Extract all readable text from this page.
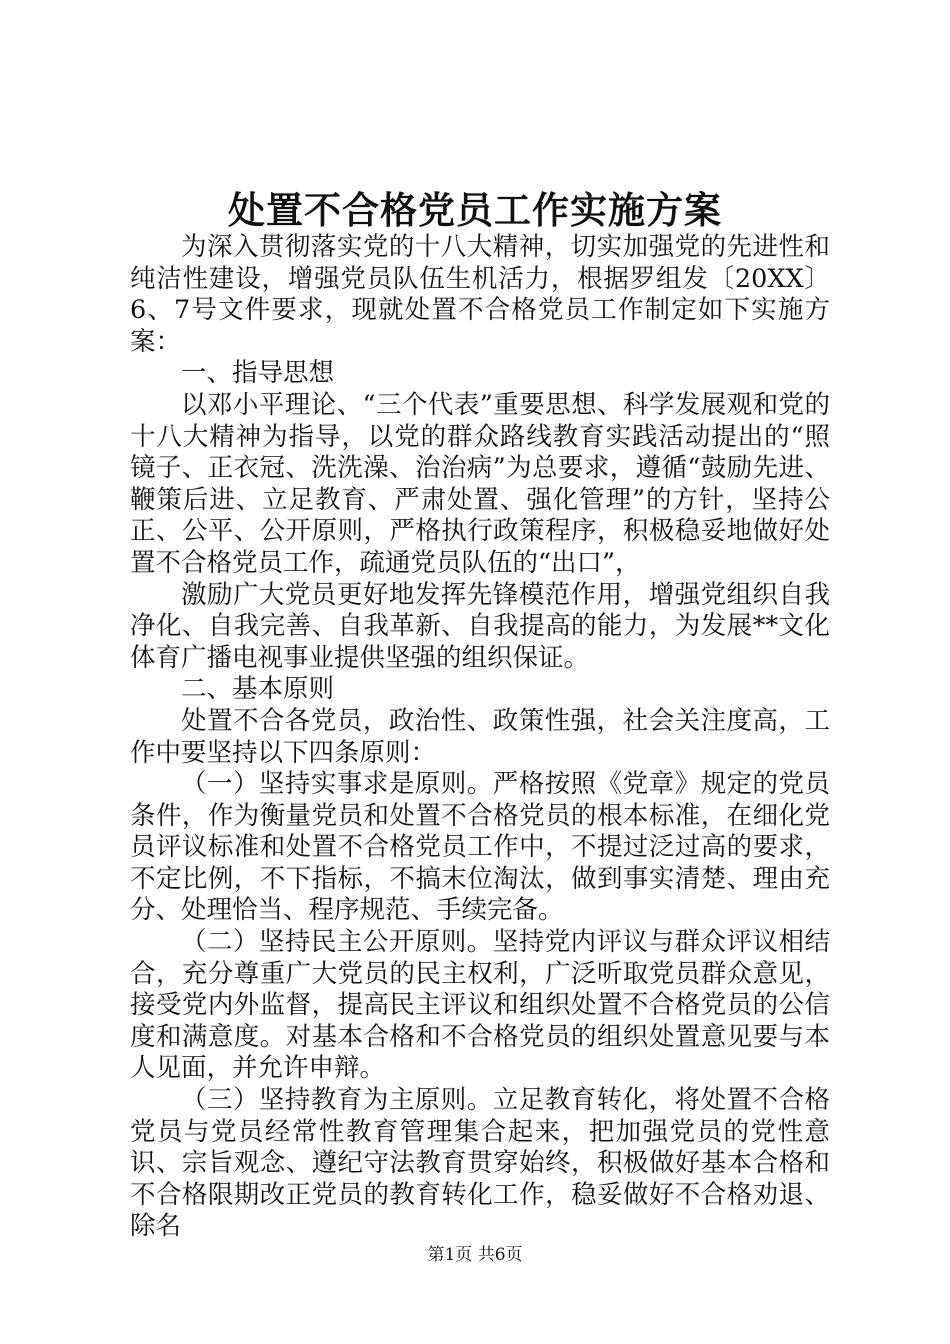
处置不合格党员工作实施方案

为深入贯彻落实党的十八大精神，切实加强党的先进性和纯洁性建设，增强党员队伍生机活力，根据罗组发〔20XX〕6、7号文件要求，现就处置不合格党员工作制定如下实施方案：

一、指导思想

以邓小平理论、“三个代表”重要思想、科学发展观和党的十八大精神为指导，以党的群众路线教育实践活动提出的“照镜子、正衣冠、洗洗澡、治治病”为总要求，遵循“鼓励先进、鞭策后进、立足教育、严肃处置、强化管理”的方针，坚持公正、公平、公开原则，严格执行政策程序，积极稳妥地做好处置不合格党员工作，疏通党员队伍的“出口”，

激励广大党员更好地发挥先锋模范作用，增强党组织自我净化、自我完善、自我革新、自我提高的能力，为发展**文化体育广播电视事业提供坚强的组织保证。

二、基本原则

处置不合各党员，政治性、政策性强，社会关注度高，工作中要坚持以下四条原则：

（一）坚持实事求是原则。严格按照《党章》规定的党员条件，作为衡量党员和处置不合格党员的根本标准，在细化党员评议标准和处置不合格党员工作中，不提过泛过高的要求，不定比例，不下指标，不搞末位淘汰，做到事实清楚、理由充分、处理恰当、程序规范、手续完备。

（二）坚持民主公开原则。坚持党内评议与群众评议相结合，充分尊重广大党员的民主权利，广泛听取党员群众意见，接受党内外监督，提高民主评议和组织处置不合格党员的公信度和满意度。对基本合格和不合格党员的组织处置意见要与本人见面，并允许申辩。

（三）坚持教育为主原则。立足教育转化，将处置不合格党员与党员经常性教育管理集合起来，把加强党员的党性意识、宗旨观念、遵纪守法教育贯穿始终，积极做好基本合格和不合格限期改正党员的教育转化工作，稳妥做好不合格劝退、除名

第1页 共6页
